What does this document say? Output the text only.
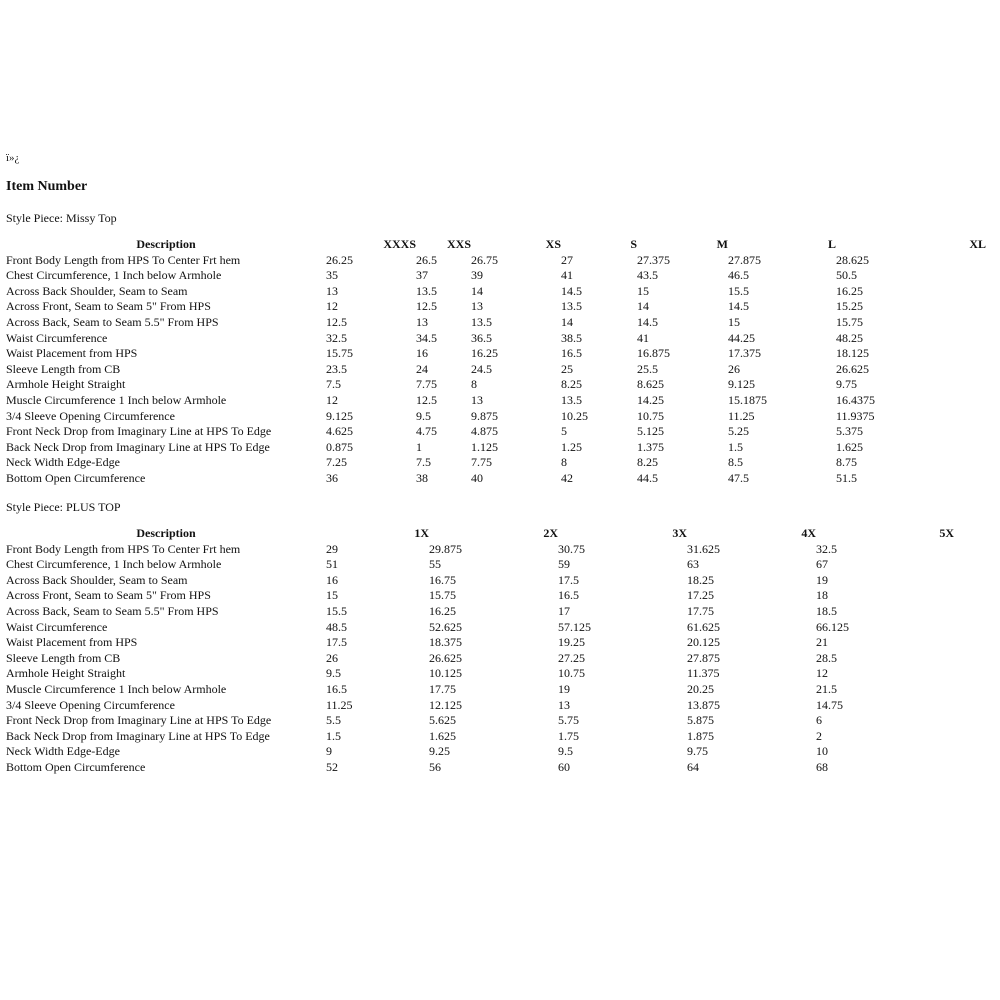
ï»¿
Item Number
Style Piece: Missy Top
Description	XXXS	XXS	XS	S	M	L	XL
Front Body Length from HPS To Center Frt hem	26.25	26.5	26.75	27	27.375	27.875	28.625
Chest Circumference, 1 Inch below Armhole	35	37	39	41	43.5	46.5	50.5
Across Back Shoulder, Seam to Seam	13	13.5	14	14.5	15	15.5	16.25
Across Front, Seam to Seam 5" From HPS	12	12.5	13	13.5	14	14.5	15.25
Across Back, Seam to Seam 5.5" From HPS	12.5	13	13.5	14	14.5	15	15.75
Waist Circumference	32.5	34.5	36.5	38.5	41	44.25	48.25
Waist Placement from HPS	15.75	16	16.25	16.5	16.875	17.375	18.125
Sleeve Length from CB	23.5	24	24.5	25	25.5	26	26.625
Armhole Height Straight	7.5	7.75	8	8.25	8.625	9.125	9.75
Muscle Circumference 1 Inch below Armhole	12	12.5	13	13.5	14.25	15.1875	16.4375
3/4 Sleeve Opening Circumference	9.125	9.5	9.875	10.25	10.75	11.25	11.9375
Front Neck Drop from Imaginary Line at HPS To Edge	4.625	4.75	4.875	5	5.125	5.25	5.375
Back Neck Drop from Imaginary Line at HPS To Edge	0.875	1	1.125	1.25	1.375	1.5	1.625
Neck Width Edge-Edge	7.25	7.5	7.75	8	8.25	8.5	8.75
Bottom Open Circumference	36	38	40	42	44.5	47.5	51.5
Style Piece: PLUS TOP
Description	1X	2X	3X	4X	5X
Front Body Length from HPS To Center Frt hem	29	29.875	30.75	31.625	32.5
Chest Circumference, 1 Inch below Armhole	51	55	59	63	67
Across Back Shoulder, Seam to Seam	16	16.75	17.5	18.25	19
Across Front, Seam to Seam 5" From HPS	15	15.75	16.5	17.25	18
Across Back, Seam to Seam 5.5" From HPS	15.5	16.25	17	17.75	18.5
Waist Circumference	48.5	52.625	57.125	61.625	66.125
Waist Placement from HPS	17.5	18.375	19.25	20.125	21
Sleeve Length from CB	26	26.625	27.25	27.875	28.5
Armhole Height Straight	9.5	10.125	10.75	11.375	12
Muscle Circumference 1 Inch below Armhole	16.5	17.75	19	20.25	21.5
3/4 Sleeve Opening Circumference	11.25	12.125	13	13.875	14.75
Front Neck Drop from Imaginary Line at HPS To Edge	5.5	5.625	5.75	5.875	6
Back Neck Drop from Imaginary Line at HPS To Edge	1.5	1.625	1.75	1.875	2
Neck Width Edge-Edge	9	9.25	9.5	9.75	10
Bottom Open Circumference	52	56	60	64	68
